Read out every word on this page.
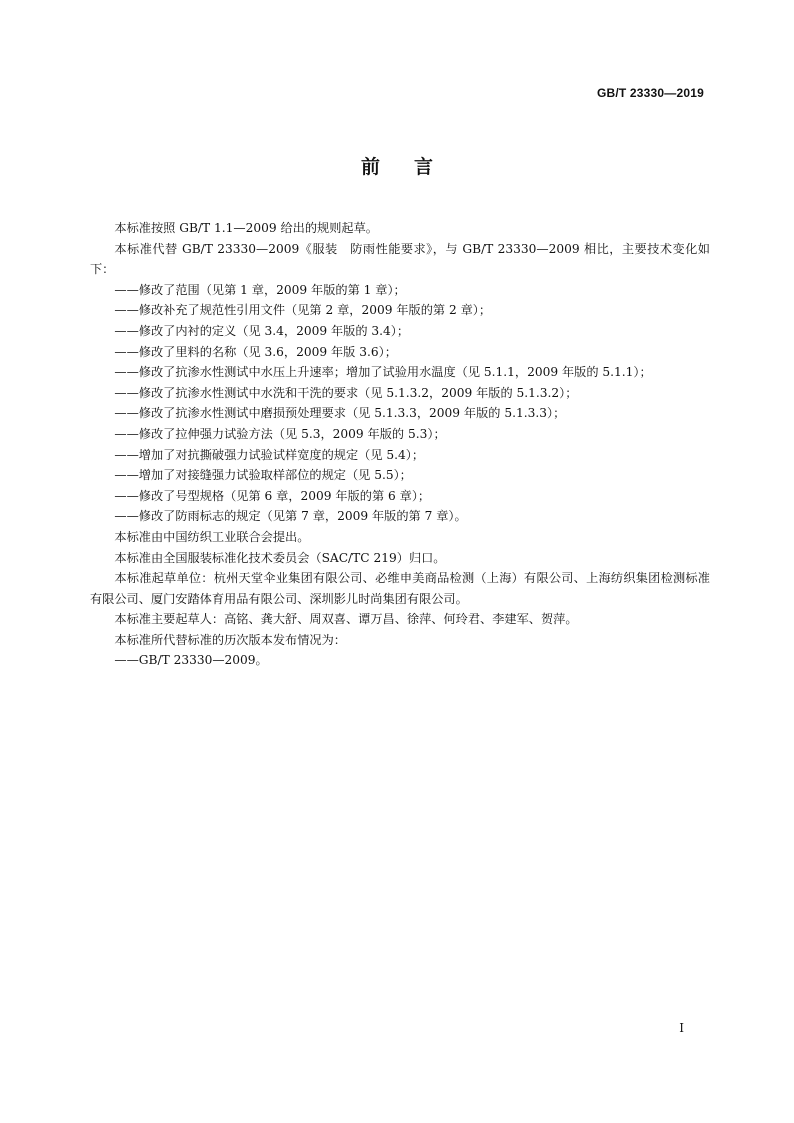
GB/T 23330—2019
前言

本标准按照 GB/T 1.1—2009 给出的规则起草。

本标准代替 GB/T 23330—2009《服装　防雨性能要求》，与 GB/T 23330—2009 相比，主要技术变化如下：

——修改了范围（见第 1 章，2009 年版的第 1 章）；

——修改补充了规范性引用文件（见第 2 章，2009 年版的第 2 章）；

——修改了内衬的定义（见 3.4，2009 年版的 3.4）；

——修改了里料的名称（见 3.6，2009 年版 3.6）；

——修改了抗渗水性测试中水压上升速率；增加了试验用水温度（见 5.1.1，2009 年版的 5.1.1）；

——修改了抗渗水性测试中水洗和干洗的要求（见 5.1.3.2，2009 年版的 5.1.3.2）；

——修改了抗渗水性测试中磨损预处理要求（见 5.1.3.3，2009 年版的 5.1.3.3）；

——修改了拉伸强力试验方法（见 5.3，2009 年版的 5.3）；

——增加了对抗撕破强力试验试样宽度的规定（见 5.4）；

——增加了对接缝强力试验取样部位的规定（见 5.5）；

——修改了号型规格（见第 6 章，2009 年版的第 6 章）；

——修改了防雨标志的规定（见第 7 章，2009 年版的第 7 章）。

本标准由中国纺织工业联合会提出。

本标准由全国服装标准化技术委员会（SAC/TC 219）归口。

本标准起草单位：杭州天堂伞业集团有限公司、必维申美商品检测（上海）有限公司、上海纺织集团检测标准有限公司、厦门安踏体育用品有限公司、深圳影儿时尚集团有限公司。

本标准主要起草人：高铭、龚大舒、周双喜、谭万昌、徐萍、何玲君、李建军、贺萍。

本标准所代替标准的历次版本发布情况为：

——GB/T 23330—2009。

I
